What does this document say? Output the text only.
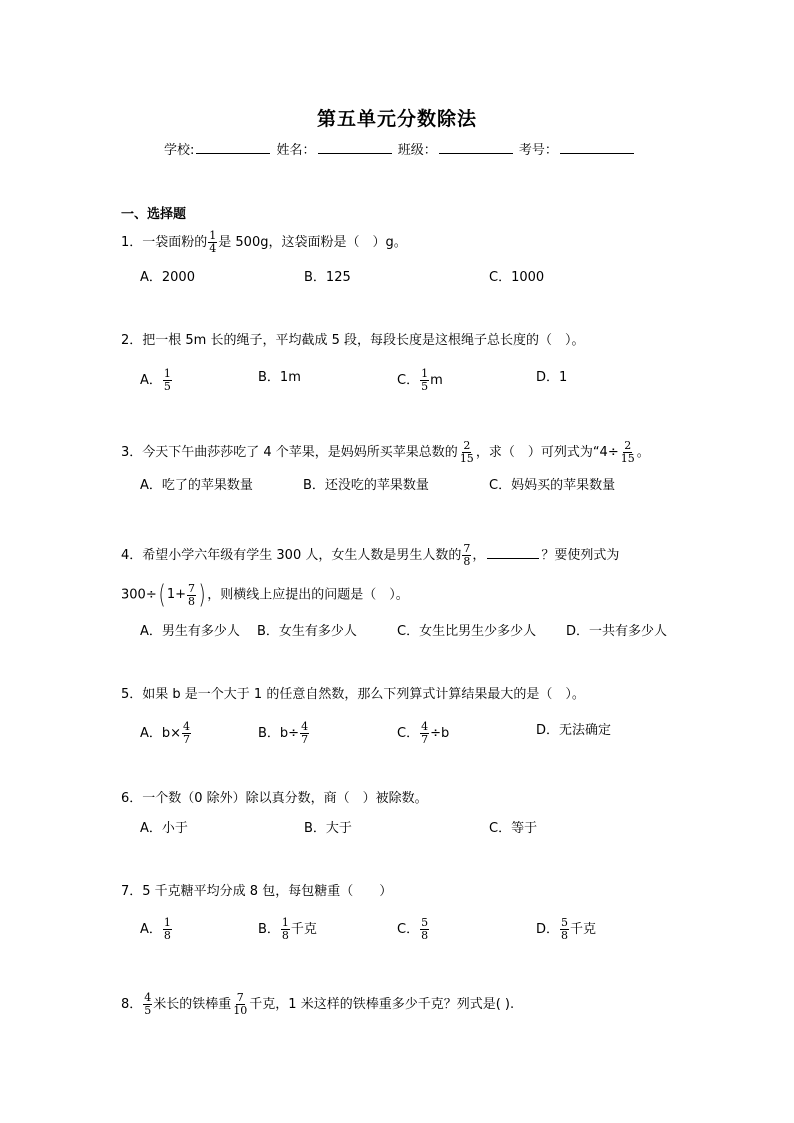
第五单元分数除法
学校:	姓名：	班级：	考号：
一、选择题
1．一袋面粉的 $\frac{1}{4}$ 是 500g，这袋面粉是（　）g。
A．2000	B．125	C．1000
2．把一根 5m 长的绳子，平均截成 5 段，每段长度是这根绳子总长度的（　）。
A． $\frac{1}{5}$	B．1m	C． $\frac{1}{5}$ m	D．1
3．今天下午曲莎莎吃了 4 个苹果，是妈妈所买苹果总数的 $\frac{2}{15}$ ，求（　）可列式为“$4\div \frac{2}{15}$ 。
A．吃了的苹果数量	B．还没吃的苹果数量	C．妈妈买的苹果数量
4．希望小学六年级有学生 300 人，女生人数是男生人数的 $\frac{7}{8}$ ，	？要使列式为
300÷ ( $1+ \frac{7}{8}$ ) ，则横线上应提出的问题是（　）。
A．男生有多少人 B．女生有多少人	C．女生比男生少多少人 D．一共有多少人
5．如果 b 是一个大于 1 的任意自然数，那么下列算式计算结果最大的是（　）。
A．$b\times \frac{4}{7}$	B．$b\div \frac{4}{7}$	C． $\frac{4}{7} \div b$	D．无法确定
6．一个数（0 除外）除以真分数，商（　）被除数。
A．小于	B．大于	C．等于
7．5 千克糖平均分成 8 包，每包糖重（　　）
A． $\frac{1}{8}$	B． $\frac{1}{8}$ 千克	C． $\frac{5}{8}$	D． $\frac{5}{8}$ 千克
8． $\frac{4}{5}$ 米长的铁棒重 $\frac{7}{10}$ 千克，1 米这样的铁棒重多少千克？列式是( ).
